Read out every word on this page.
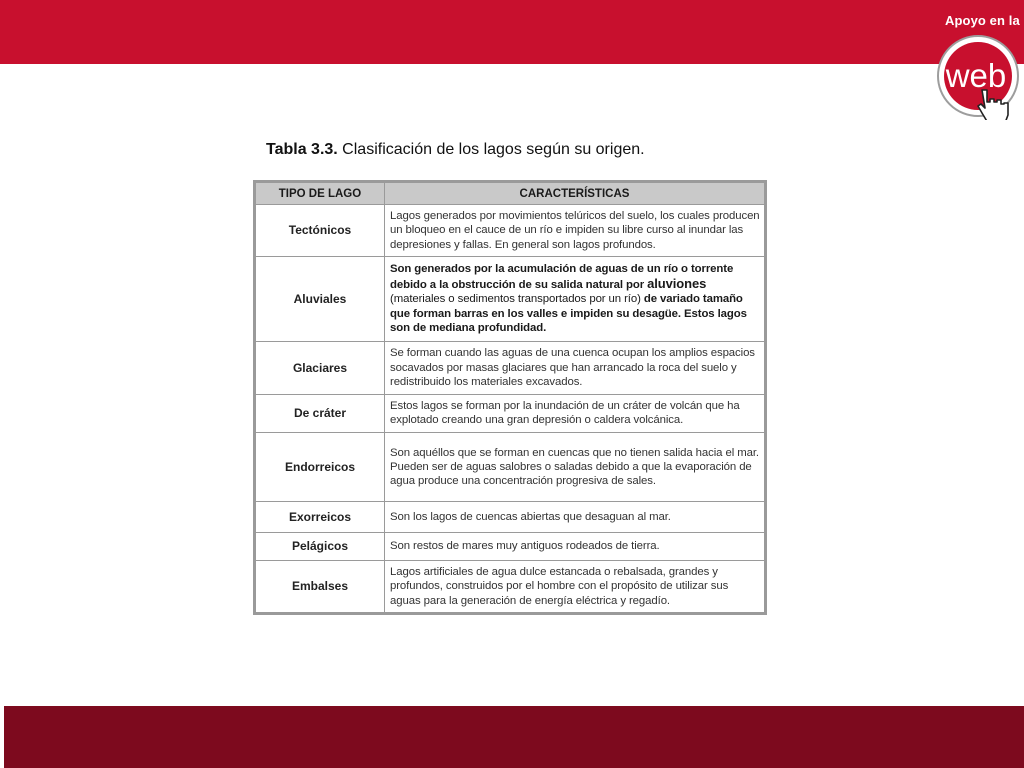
Apoyo en la
web
Tabla 3.3. Clasificación de los lagos según su origen.
TIPO DE LAGO	CARACTERÍSTICAS
Tectónicos	Lagos generados por movimientos telúricos del suelo, los cuales producen un bloqueo en el cauce de un río e impiden su libre curso al inundar las depresiones y fallas. En general son lagos profundos.
Aluviales	Son generados por la acumulación de aguas de un río o torrente debido a la obstrucción de su salida natural por aluviones (materiales o sedimentos transportados por un río) de variado tamaño que forman barras en los valles e impiden su desagüe. Estos lagos son de mediana profundidad.
Glaciares	Se forman cuando las aguas de una cuenca ocupan los amplios espacios socavados por masas glaciares que han arrancado la roca del suelo y redistribuido los materiales excavados.
De cráter	Estos lagos se forman por la inundación de un cráter de volcán que ha explotado creando una gran depresión o caldera volcánica.
Endorreicos	Son aquéllos que se forman en cuencas que no tienen salida hacia el mar. Pueden ser de aguas salobres o saladas debido a que la evaporación de agua produce una concentración progresiva de sales.
Exorreicos	Son los lagos de cuencas abiertas que desaguan al mar.
Pelágicos	Son restos de mares muy antiguos rodeados de tierra.
Embalses	Lagos artificiales de agua dulce estancada o rebalsada, grandes y profundos, construidos por el hombre con el propósito de utilizar sus aguas para la generación de energía eléctrica y regadío.
